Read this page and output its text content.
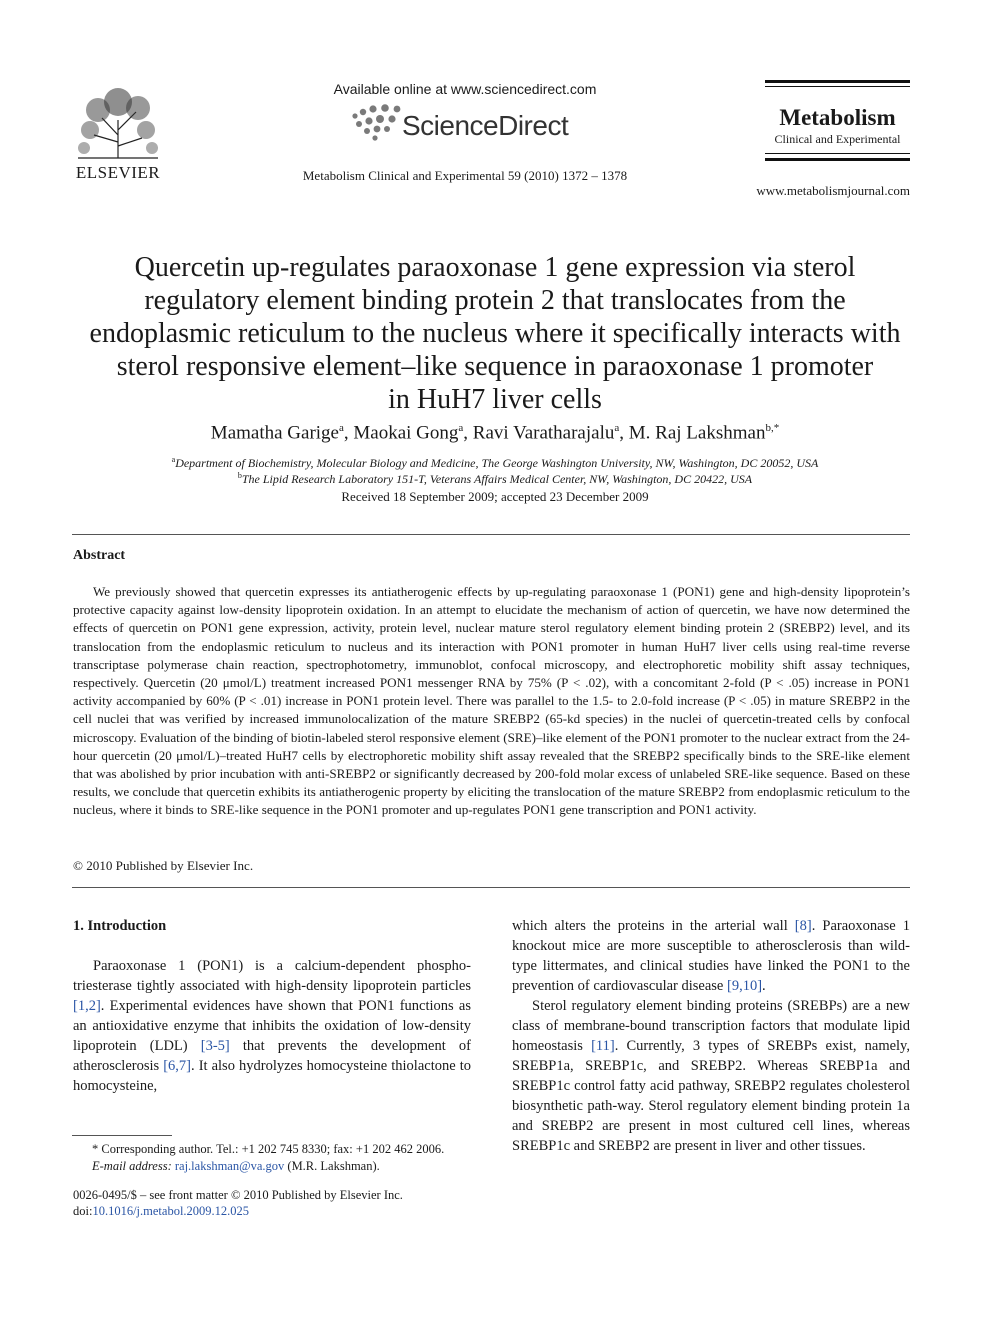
ELSEVIER
Available online at www.sciencedirect.com
ScienceDirect
Metabolism Clinical and Experimental 59 (2010) 1372 – 1378
Metabolism
Clinical and Experimental
www.metabolismjournal.com
Quercetin up-regulates paraoxonase 1 gene expression via sterol
regulatory element binding protein 2 that translocates from the
endoplasmic reticulum to the nucleus where it specifically interacts with
sterol responsive element–like sequence in paraoxonase 1 promoter
in HuH7 liver cells
Mamatha Garige$^a$, Maokai Gong$^a$, Ravi Varatharajalu$^a$, M. Raj Lakshman$^{b,*}$
$^a$Department of Biochemistry, Molecular Biology and Medicine, The George Washington University, NW, Washington, DC 20052, USA
$^b$The Lipid Research Laboratory 151-T, Veterans Affairs Medical Center, NW, Washington, DC 20422, USA
Received 18 September 2009; accepted 23 December 2009
Abstract

We previously showed that quercetin expresses its antiatherogenic effects by up-regulating paraoxonase 1 (PON1) gene and high-density lipoprotein’s protective capacity against low-density lipoprotein oxidation. In an attempt to elucidate the mechanism of action of quercetin, we have now determined the effects of quercetin on PON1 gene expression, activity, protein level, nuclear mature sterol regulatory element binding protein 2 (SREBP2) level, and its translocation from the endoplasmic reticulum to nucleus and its interaction with PON1 promoter in human HuH7 liver cells using real-time reverse transcriptase polymerase chain reaction, spectrophotometry, immunoblot, confocal microscopy, and electrophoretic mobility shift assay techniques, respectively. Quercetin (20 μmol/L) treatment increased PON1 messenger RNA by 75% (P < .02), with a concomitant 2-fold (P < .05) increase in PON1 activity accompanied by 60% (P < .01) increase in PON1 protein level. There was parallel to the 1.5- to 2.0-fold increase (P < .05) in mature SREBP2 in the cell nuclei that was verified by increased immunolocalization of the mature SREBP2 (65-kd species) in the nuclei of quercetin-treated cells by confocal microscopy. Evaluation of the binding of biotin-labeled sterol responsive element (SRE)–like element of the PON1 promoter to the nuclear extract from the 24-hour quercetin (20 μmol/L)–treated HuH7 cells by electrophoretic mobility shift assay revealed that the SREBP2 specifically binds to the SRE-like element that was abolished by prior incubation with anti-SREBP2 or significantly decreased by 200-fold molar excess of unlabeled SRE-like sequence. Based on these results, we conclude that quercetin exhibits its antiatherogenic property by eliciting the translocation of the mature SREBP2 from endoplasmic reticulum to the nucleus, where it binds to SRE-like sequence in the PON1 promoter and up-regulates PON1 gene transcription and PON1 activity.

© 2010 Published by Elsevier Inc.
1. Introduction

Paraoxonase 1 (PON1) is a calcium-dependent phospho-triesterase tightly associated with high-density lipoprotein particles [1,2]. Experimental evidences have shown that PON1 functions as an antioxidative enzyme that inhibits the oxidation of low-density lipoprotein (LDL) [3-5] that prevents the development of atherosclerosis [6,7]. It also hydrolyzes homocysteine thiolactone to homocysteine,

which alters the proteins in the arterial wall [8]. Paraoxonase 1 knockout mice are more susceptible to atherosclerosis than wild-type littermates, and clinical studies have linked the PON1 to the prevention of cardiovascular disease [9,10].

Sterol regulatory element binding proteins (SREBPs) are a new class of membrane-bound transcription factors that modulate lipid homeostasis [11]. Currently, 3 types of SREBPs exist, namely, SREBP1a, SREBP1c, and SREBP2. Whereas SREBP1a and SREBP1c control fatty acid pathway, SREBP2 regulates cholesterol biosynthetic path-way. Sterol regulatory element binding protein 1a and SREBP2 are present in most cultured cell lines, whereas SREBP1c and SREBP2 are present in liver and other tissues.

* Corresponding author. Tel.: +1 202 745 8330; fax: +1 202 462 2006.
E-mail address: raj.lakshman@va.gov (M.R. Lakshman).
0026-0495/$ – see front matter © 2010 Published by Elsevier Inc.
doi:10.1016/j.metabol.2009.12.025
